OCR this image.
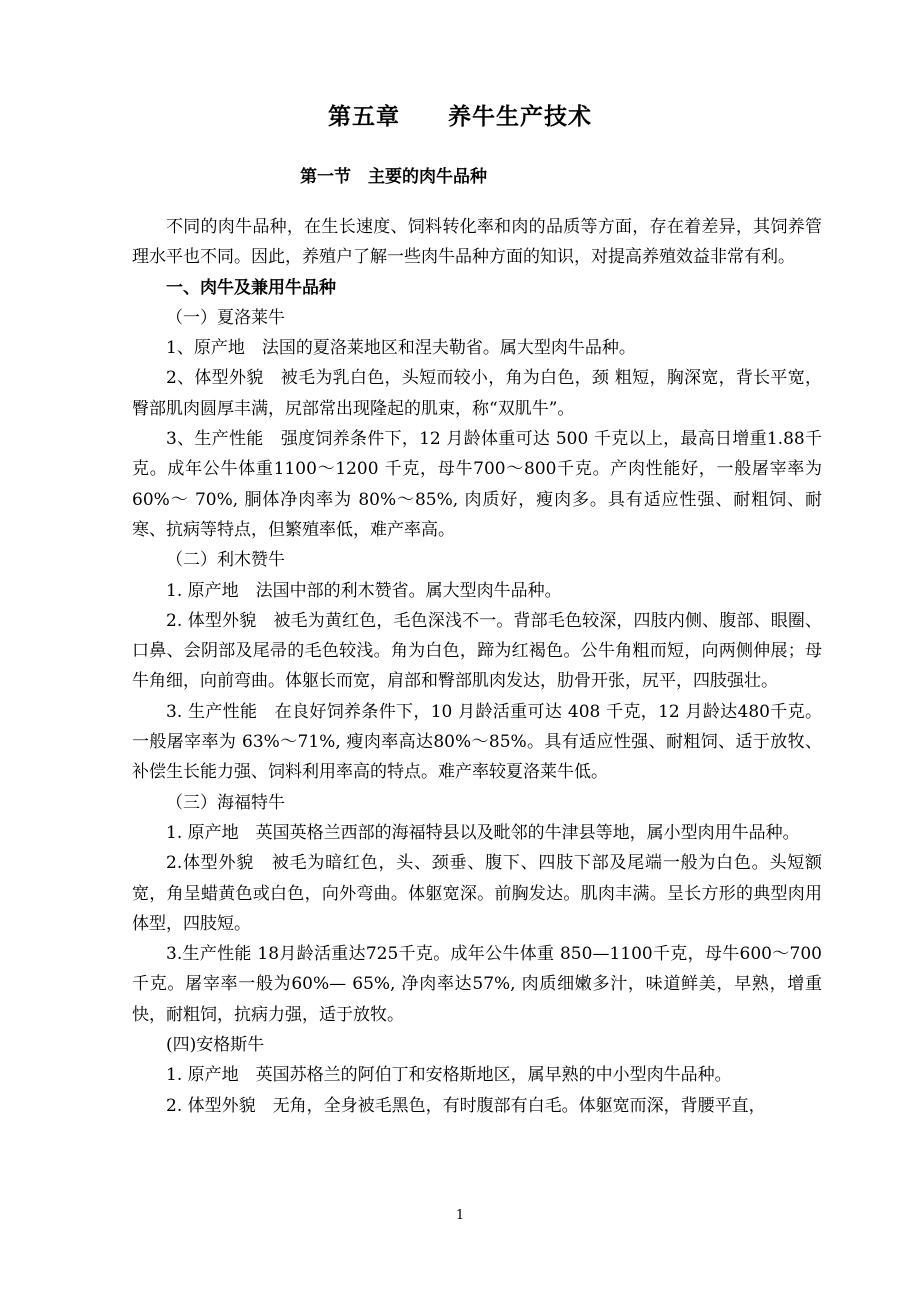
第五章　　养牛生产技术
第一节　主要的肉牛品种

不同的肉牛品种，在生长速度、饲料转化率和肉的品质等方面，存在着差异，其饲养管理水平也不同。因此，养殖户了解一些肉牛品种方面的知识，对提高养殖效益非常有利。

一、肉牛及兼用牛品种

（一）夏洛莱牛

1、原产地　法国的夏洛莱地区和涅夫勒省。属大型肉牛品种。

2、体型外貌　被毛为乳白色，头短而较小，角为白色，颈 粗短，胸深宽，背长平宽，臀部肌肉圆厚丰满，尻部常出现隆起的肌束，称“双肌牛”。

3、生产性能　强度饲养条件下，12 月龄体重可达 500 千克以上，最高日增重1.88千克。成年公牛体重1100～1200 千克，母牛700～800千克。产肉性能好，一般屠宰率为 60%～ 70%, 胴体净肉率为 80%～85%, 肉质好，瘦肉多。具有适应性强、耐粗饲、耐寒、抗病等特点，但繁殖率低，难产率高。

（二）利木赞牛

1. 原产地　法国中部的利木赞省。属大型肉牛品种。

2. 体型外貌　被毛为黄红色，毛色深浅不一。背部毛色较深，四肢内侧、腹部、眼圈、口鼻、会阴部及尾帚的毛色较浅。角为白色，蹄为红褐色。公牛角粗而短，向两侧伸展；母牛角细，向前弯曲。体躯长而宽，肩部和臀部肌肉发达，肋骨开张，尻平，四肢强壮。

3. 生产性能　在良好饲养条件下，10 月龄活重可达 408 千克，12 月龄达480千克。一般屠宰率为 63%～71%, 瘦肉率高达80%～85%。具有适应性强、耐粗饲、适于放牧、补偿生长能力强、饲料利用率高的特点。难产率较夏洛莱牛低。

（三）海福特牛

1. 原产地　英国英格兰西部的海福特县以及毗邻的牛津县等地，属小型肉用牛品种。

2.体型外貌　被毛为暗红色，头、颈垂、腹下、四肢下部及尾端一般为白色。头短额宽，角呈蜡黄色或白色，向外弯曲。体躯宽深。前胸发达。肌肉丰满。呈长方形的典型肉用体型，四肢短。

3.生产性能 18月龄活重达725千克。成年公牛体重 850—1100千克，母牛600～700千克。屠宰率一般为60%— 65%, 净肉率达57%, 肉质细嫩多汁，味道鲜美，早熟，增重快，耐粗饲，抗病力强，适于放牧。

(四)安格斯牛

1. 原产地　英国苏格兰的阿伯丁和安格斯地区，属早熟的中小型肉牛品种。

2. 体型外貌　无角，全身被毛黑色，有时腹部有白毛。体躯宽而深，背腰平直，

1
